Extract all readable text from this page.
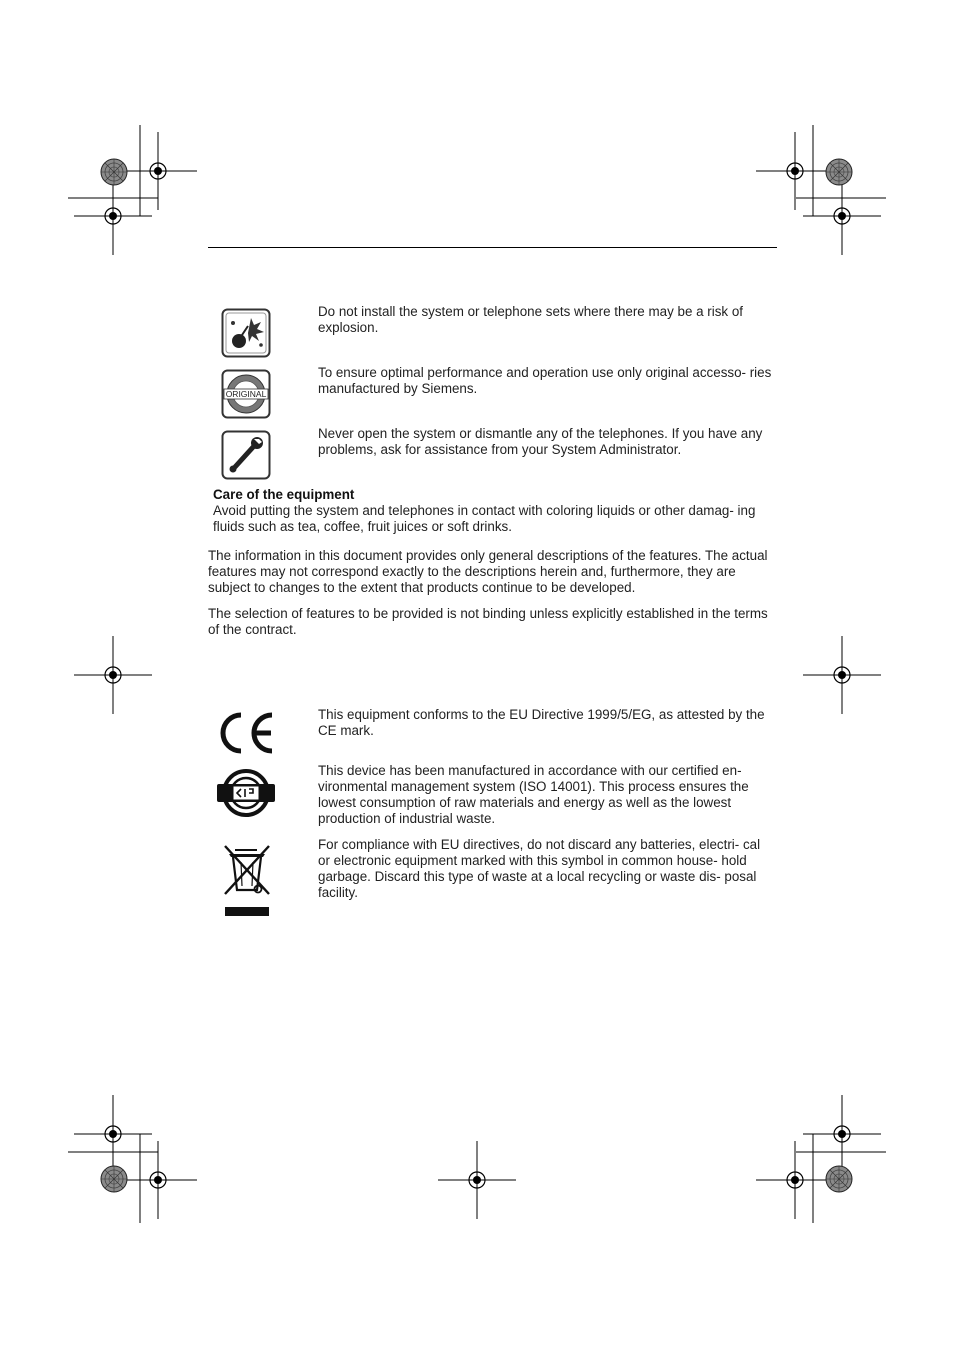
ORIGINAL

Do not install the system or telephone sets where there may be a risk of explosion.

To ensure optimal performance and operation use only original accesso- ries manufactured by Siemens.

Never open the system or dismantle any of the telephones. If you have any problems, ask for assistance from your System Administrator.

Care of the equipment

Avoid putting the system and telephones in contact with coloring liquids or other damag- ing fluids such as tea, coffee, fruit juices or soft drinks.

The information in this document provides only general descriptions of the features. The actual features may not correspond exactly to the descriptions herein and, furthermore, they are subject to changes to the extent that products continue to be developed.

The selection of features to be provided is not binding unless explicitly established in the terms of the contract.

This equipment conforms to the EU Directive 1999/5/EG, as attested by the CE mark.

This device has been manufactured in accordance with our certified en- vironmental management system (ISO 14001). This process ensures the lowest consumption of raw materials and energy as well as the lowest production of industrial waste.

For compliance with EU directives, do not discard any batteries, electri- cal or electronic equipment marked with this symbol in common house- hold garbage. Discard this type of waste at a local recycling or waste dis- posal facility.
